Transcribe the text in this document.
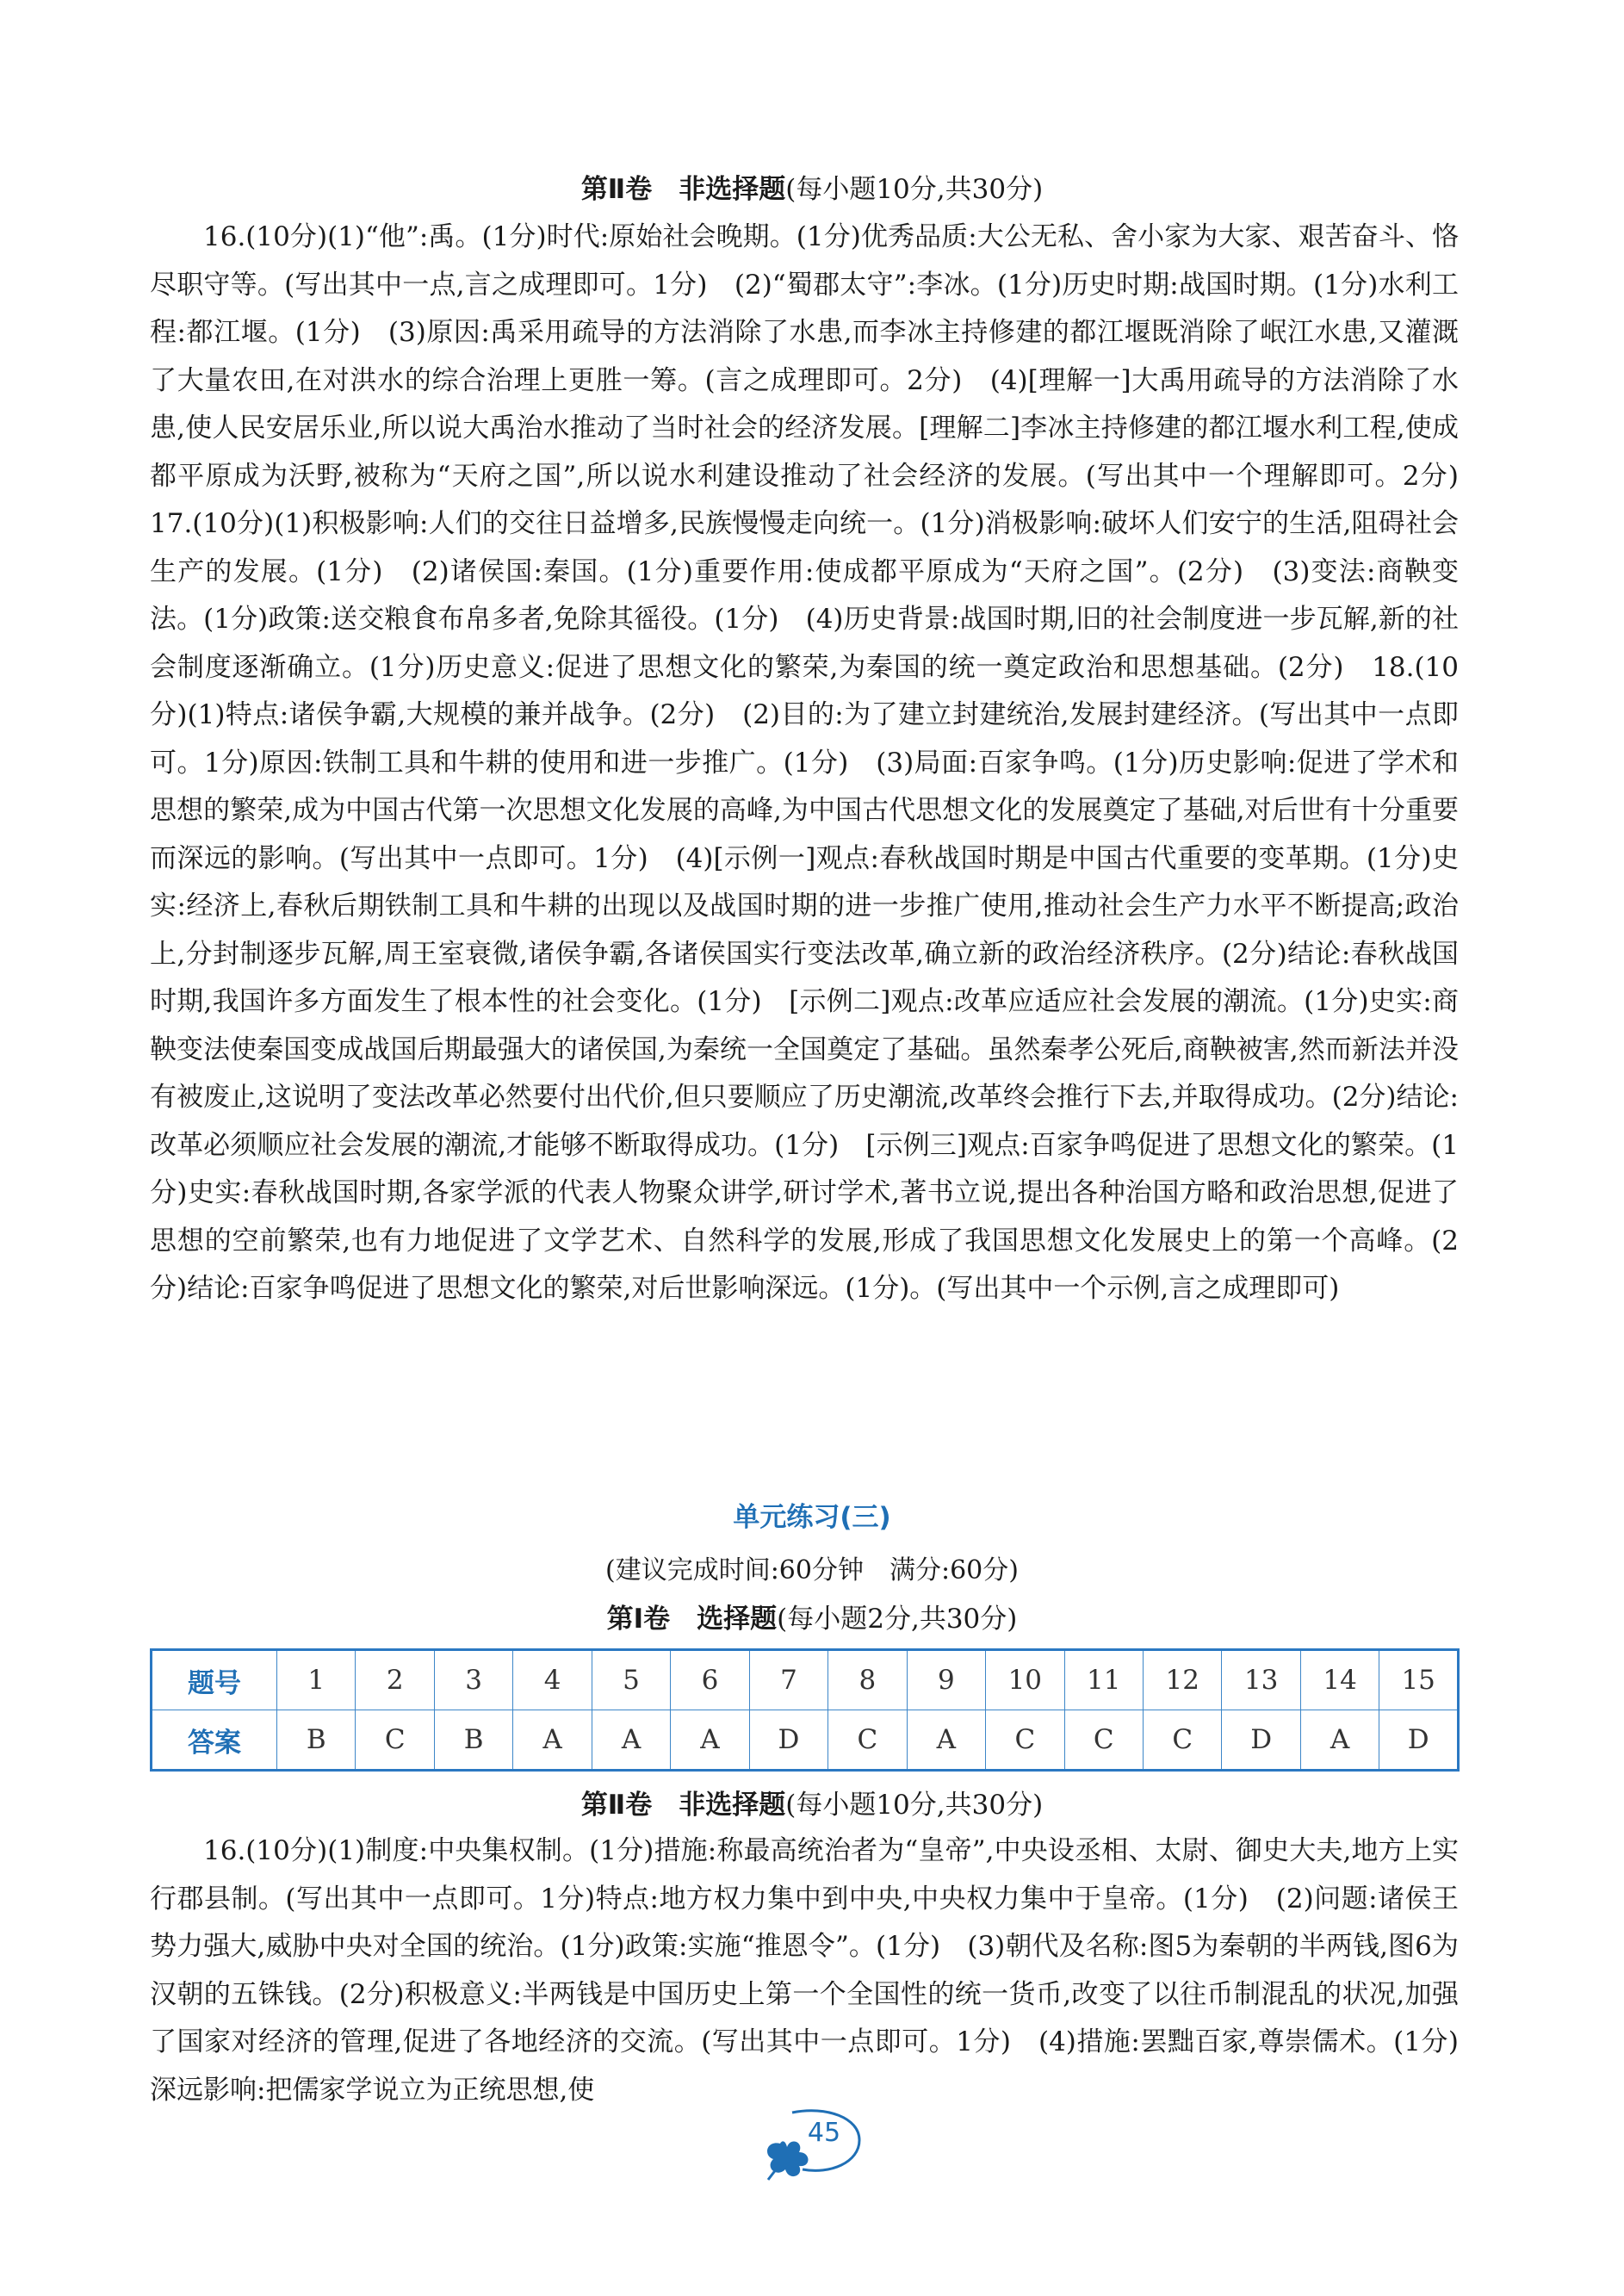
第Ⅱ卷　非选择题(每小题10分,共30分)

16.(10分)(1)“他”:禹。(1分)时代:原始社会晚期。(1分)优秀品质:大公无私、舍小家为大家、艰苦奋斗、恪尽职守等。(写出其中一点,言之成理即可。1分)　(2)“蜀郡太守”:李冰。(1分)历史时期:战国时期。(1分)水利工程:都江堰。(1分)　(3)原因:禹采用疏导的方法消除了水患,而李冰主持修建的都江堰既消除了岷江水患,又灌溉了大量农田,在对洪水的综合治理上更胜一筹。(言之成理即可。2分)　(4)[理解一]大禹用疏导的方法消除了水患,使人民安居乐业,所以说大禹治水推动了当时社会的经济发展。[理解二]李冰主持修建的都江堰水利工程,使成都平原成为沃野,被称为“天府之国”,所以说水利建设推动了社会经济的发展。(写出其中一个理解即可。2分)　17.(10分)(1)积极影响:人们的交往日益增多,民族慢慢走向统一。(1分)消极影响:破坏人们安宁的生活,阻碍社会生产的发展。(1分)　(2)诸侯国:秦国。(1分)重要作用:使成都平原成为“天府之国”。(2分)　(3)变法:商鞅变法。(1分)政策:送交粮食布帛多者,免除其徭役。(1分)　(4)历史背景:战国时期,旧的社会制度进一步瓦解,新的社会制度逐渐确立。(1分)历史意义:促进了思想文化的繁荣,为秦国的统一奠定政治和思想基础。(2分)　18.(10分)(1)特点:诸侯争霸,大规模的兼并战争。(2分)　(2)目的:为了建立封建统治,发展封建经济。(写出其中一点即可。1分)原因:铁制工具和牛耕的使用和进一步推广。(1分)　(3)局面:百家争鸣。(1分)历史影响:促进了学术和思想的繁荣,成为中国古代第一次思想文化发展的高峰,为中国古代思想文化的发展奠定了基础,对后世有十分重要而深远的影响。(写出其中一点即可。1分)　(4)[示例一]观点:春秋战国时期是中国古代重要的变革期。(1分)史实:经济上,春秋后期铁制工具和牛耕的出现以及战国时期的进一步推广使用,推动社会生产力水平不断提高;政治上,分封制逐步瓦解,周王室衰微,诸侯争霸,各诸侯国实行变法改革,确立新的政治经济秩序。(2分)结论:春秋战国时期,我国许多方面发生了根本性的社会变化。(1分)　[示例二]观点:改革应适应社会发展的潮流。(1分)史实:商鞅变法使秦国变成战国后期最强大的诸侯国,为秦统一全国奠定了基础。虽然秦孝公死后,商鞅被害,然而新法并没有被废止,这说明了变法改革必然要付出代价,但只要顺应了历史潮流,改革终会推行下去,并取得成功。(2分)结论:改革必须顺应社会发展的潮流,才能够不断取得成功。(1分)　[示例三]观点:百家争鸣促进了思想文化的繁荣。(1分)史实:春秋战国时期,各家学派的代表人物聚众讲学,研讨学术,著书立说,提出各种治国方略和政治思想,促进了思想的空前繁荣,也有力地促进了文学艺术、自然科学的发展,形成了我国思想文化发展史上的第一个高峰。(2分)结论:百家争鸣促进了思想文化的繁荣,对后世影响深远。(1分)。(写出其中一个示例,言之成理即可)

单元练习(三)
(建议完成时间:60分钟　满分:60分)
第Ⅰ卷　选择题(每小题2分,共30分)
题号	1	2	3	4	5	6	7	8	9	10	11	12	13	14	15
答案	B	C	B	A	A	A	D	C	A	C	C	C	D	A	D
第Ⅱ卷　非选择题(每小题10分,共30分)

16.(10分)(1)制度:中央集权制。(1分)措施:称最高统治者为“皇帝”,中央设丞相、太尉、御史大夫,地方上实行郡县制。(写出其中一点即可。1分)特点:地方权力集中到中央,中央权力集中于皇帝。(1分)　(2)问题:诸侯王势力强大,威胁中央对全国的统治。(1分)政策:实施“推恩令”。(1分)　(3)朝代及名称:图5为秦朝的半两钱,图6为汉朝的五铢钱。(2分)积极意义:半两钱是中国历史上第一个全国性的统一货币,改变了以往币制混乱的状况,加强了国家对经济的管理,促进了各地经济的交流。(写出其中一点即可。1分)　(4)措施:罢黜百家,尊崇儒术。(1分)深远影响:把儒家学说立为正统思想,使

45
